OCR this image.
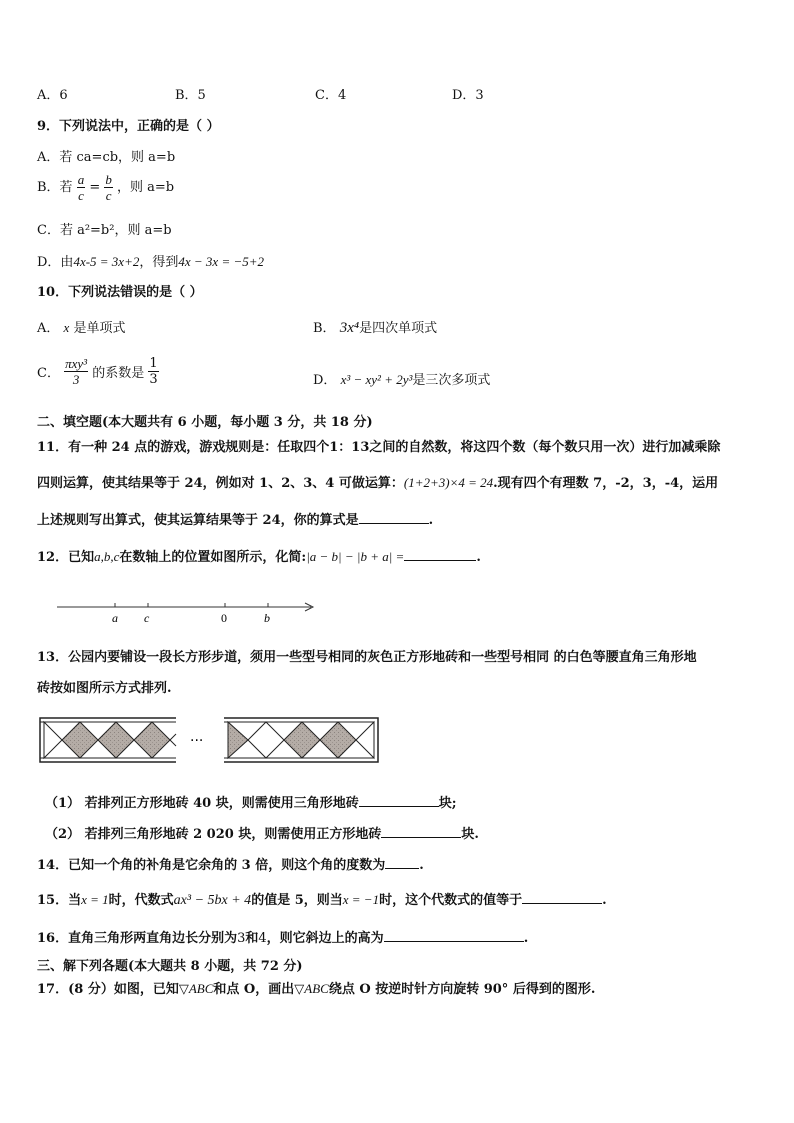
A．6	B．5	C．4	D．3
9．下列说法中，正确的是（ ）
A．若 ca=cb，则 a=b
B．若 $\frac{a}{c} = \frac{b}{c}$ ，则 a=b
C．若 a²=b²，则 a=b
D．由4x-5 = 3x+2，得到4x − 3x = −5+2
10．下列说法错误的是（ ）
A． x 是单项式	B． 3x⁴是四次单项式
C． $\frac{\text{πxy³}}{3}$ 的系数是 $\frac{1}{3}$	D． x³ − xy² + 2y³是三次多项式
二、填空题(本大题共有 6 小题，每小题 3 分，共 18 分)
11．有一种 24 点的游戏，游戏规则是：任取四个1：13之间的自然数，将这四个数（每个数只用一次）进行加减乘除
四则运算，使其结果等于 24，例如对 1、2、3、4 可做运算：(1+2+3)×4 = 24.现有四个有理数 7，-2，3，-4，运用
上述规则写出算式，使其运算结果等于 24，你的算式是	.
12．已知a,b,c在数轴上的位置如图所示，化简:|a − b| − |b + a| =	.
a c	0	b
13．公园内要铺设一段长方形步道，须用一些型号相同的灰色正方形地砖和一些型号相同 的白色等腰直角三角形地
砖按如图所示方式排列.
···
（1） 若排列正方形地砖 40 块，则需使用三角形地砖	块;
（2） 若排列三角形地砖 2 020 块，则需使用正方形地砖	块.
14．已知一个角的补角是它余角的 3 倍，则这个角的度数为	.
15．当x = 1时，代数式ax³ − 5bx + 4的值是 5，则当x = −1时，这个代数式的值等于	.
16．直角三角形两直角边长分别为3和4，则它斜边上的高为	.
三、解下列各题(本大题共 8 小题，共 72 分)
17．(8 分）如图，已知▽ABC和点 O，画出▽ABC绕点 O 按逆时针方向旋转 90° 后得到的图形.
